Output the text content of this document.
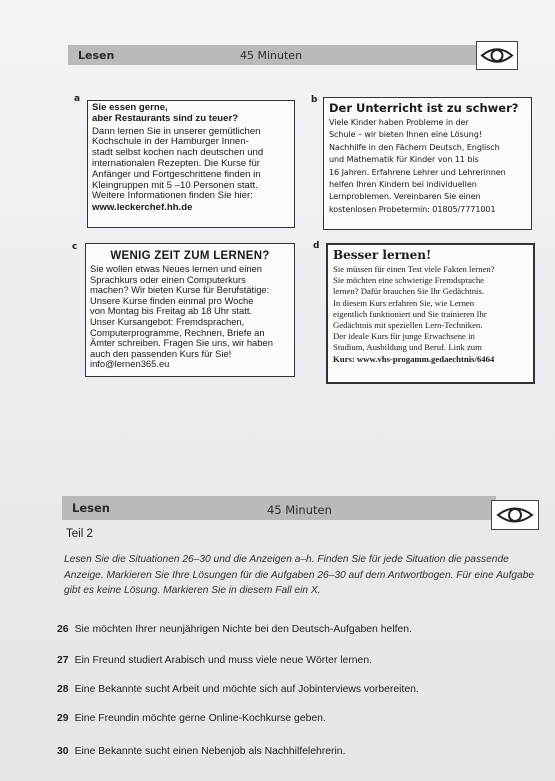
Lesen	45 Minuten
a
Sie essen gerne,
aber Restaurants sind zu teuer?
Dann lernen Sie in unserer gemütlichen
Kochschule in der Hamburger Innen-
stadt selbst kochen nach deutschen und
internationalen Rezepten. Die Kurse für
Anfänger und Fortgeschrittene finden in
Kleingruppen mit 5 –10 Personen statt.
Weitere Informationen finden Sie hier:
www.leckerchef.hh.de
b
Der Unterricht ist zu schwer?
Viele Kinder haben Probleme in der
Schule – wir bieten Ihnen eine Lösung!
Nachhilfe in den Fächern Deutsch, Englisch
und Mathematik für Kinder von 11 bis
16 Jahren. Erfahrene Lehrer und Lehrerinnen
helfen Ihren Kindern bei individuellen
Lernproblemen. Vereinbaren Sie einen
kostenlosen Probetermin: 01805/7771001
c
WENIG ZEIT ZUM LERNEN?
Sie wollen etwas Neues lernen und einen
Sprachkurs oder einen Computerkurs
machen? Wir bieten Kurse für Berufstätige:
Unsere Kurse finden einmal pro Woche
von Montag bis Freitag ab 18 Uhr statt.
Unser Kursangebot: Fremdsprachen,
Computerprogramme, Rechnen, Briefe an
Ämter schreiben. Fragen Sie uns, wir haben
auch den passenden Kurs für Sie!
info@lernen365.eu
d
Besser lernen!
Sie müssen für einen Test viele Fakten lernen?
Sie möchten eine schwierige Fremdsprache
lernen? Dafür brauchen Sie Ihr Gedächtnis.
In diesem Kurs erfahren Sie, wie Lernen
eigentlich funktioniert und Sie trainieren Ihr
Gedächtnis mit speziellen Lern-Techniken.
Der ideale Kurs für junge Erwachsene in
Studium, Ausbildung und Beruf. Link zum
Kurs: www.vhs-progamm.gedaechtnis/6464
Lesen	45 Minuten
Teil 2
Lesen Sie die Situationen 26–30 und die Anzeigen a–h. Finden Sie für jede Situation die passende Anzeige. Markieren Sie Ihre Lösungen für die Aufgaben 26–30 auf dem Antwortbogen. Für eine Aufgabe gibt es keine Lösung. Markieren Sie in diesem Fall ein X.
26 Sie möchten Ihrer neunjährigen Nichte bei den Deutsch-Aufgaben helfen.
27 Ein Freund studiert Arabisch und muss viele neue Wörter lernen.
28 Eine Bekannte sucht Arbeit und möchte sich auf Jobinterviews vorbereiten.
29 Eine Freundin möchte gerne Online-Kochkurse geben.
30 Eine Bekannte sucht einen Nebenjob als Nachhilfelehrerin.
